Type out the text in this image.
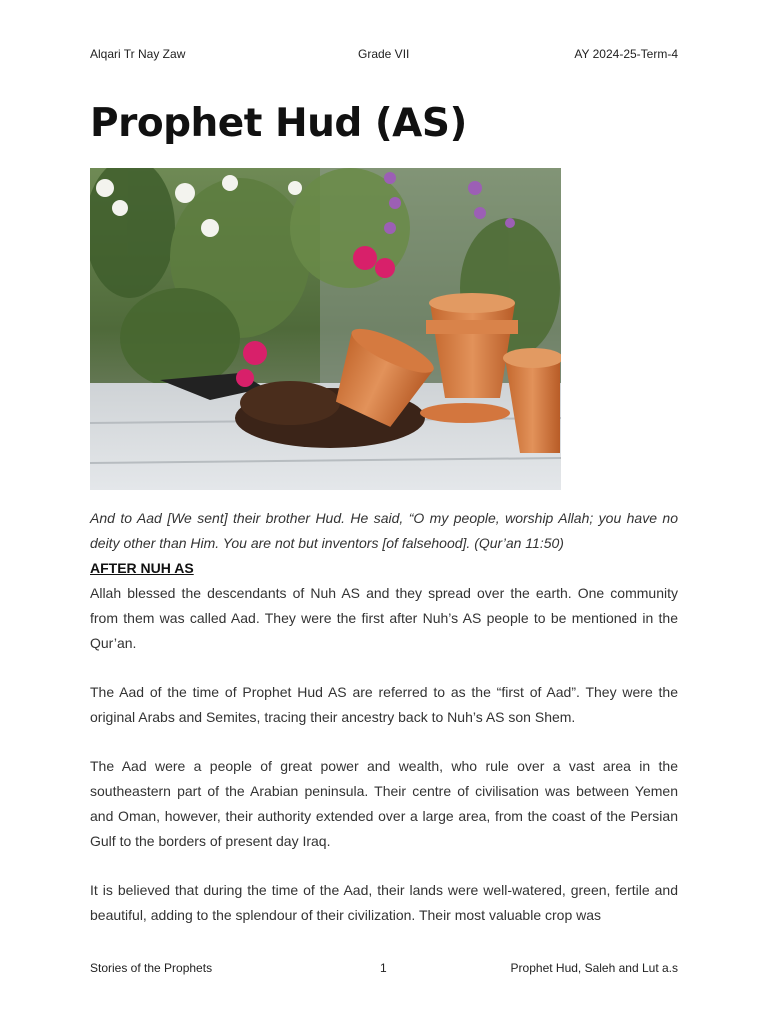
Alqari Tr Nay Zaw	Grade VII	AY 2024-25-Term-4
Prophet Hud (AS)

And to Aad [We sent] their brother Hud. He said, “O my people, worship Allah; you have no deity other than Him. You are not but inventors [of falsehood]. (Qur’an 11:50)

AFTER NUH AS

Allah blessed the descendants of Nuh AS and they spread over the earth. One community from them was called Aad. They were the first after Nuh’s AS people to be mentioned in the Qur’an.

The Aad of the time of Prophet Hud AS are referred to as the “first of Aad”. They were the original Arabs and Semites, tracing their ancestry back to Nuh’s AS son Shem.

The Aad were a people of great power and wealth, who rule over a vast area in the southeastern part of the Arabian peninsula. Their centre of civilisation was between Yemen and Oman, however, their authority extended over a large area, from the coast of the Persian Gulf to the borders of present day Iraq.

It is believed that during the time of the Aad, their lands were well-watered, green, fertile and beautiful, adding to the splendour of their civilization. Their most valuable crop was

Stories of the Prophets	1	Prophet Hud, Saleh and Lut a.s
